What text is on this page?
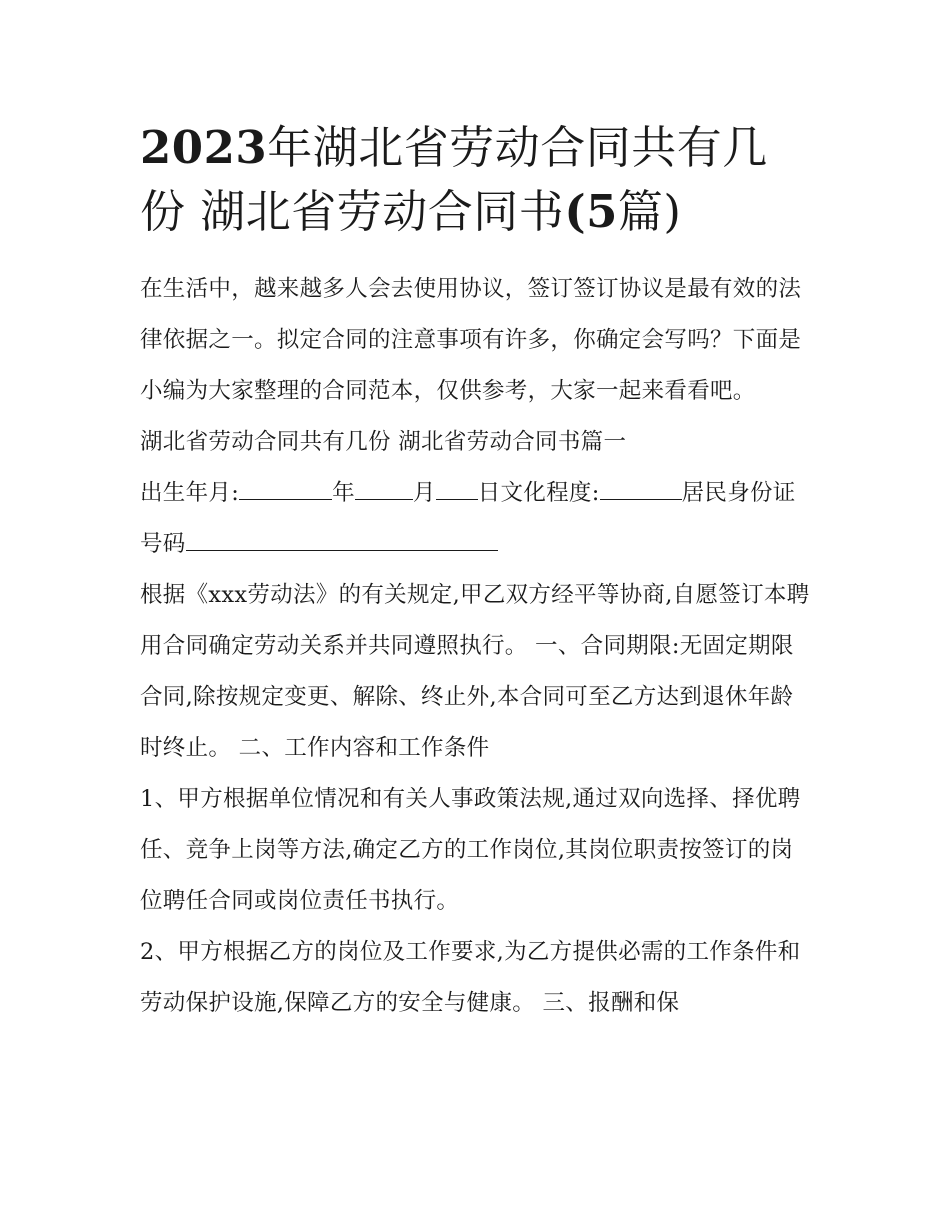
2023年湖北省劳动合同共有几
份 湖北省劳动合同书(5篇)

在生活中，越来越多人会去使用协议，签订签订协议是最有效的法律依据之一。拟定合同的注意事项有许多，你确定会写吗？下面是小编为大家整理的合同范本，仅供参考，大家一起来看看吧。

湖北省劳动合同共有几份 湖北省劳动合同书篇一

出生年月:	年	月 日文化程度:	居民身份证号码

根据《xxx劳动法》的有关规定,甲乙双方经平等协商,自愿签订本聘用合同确定劳动关系并共同遵照执行。 一、合同期限:无固定期限合同,除按规定变更、解除、终止外,本合同可至乙方达到退休年龄时终止。 二、工作内容和工作条件

1、甲方根据单位情况和有关人事政策法规,通过双向选择、择优聘任、竞争上岗等方法,确定乙方的工作岗位,其岗位职责按签订的岗位聘任合同或岗位责任书执行。

2、甲方根据乙方的岗位及工作要求,为乙方提供必需的工作条件和劳动保护设施,保障乙方的安全与健康。 三、报酬和保
